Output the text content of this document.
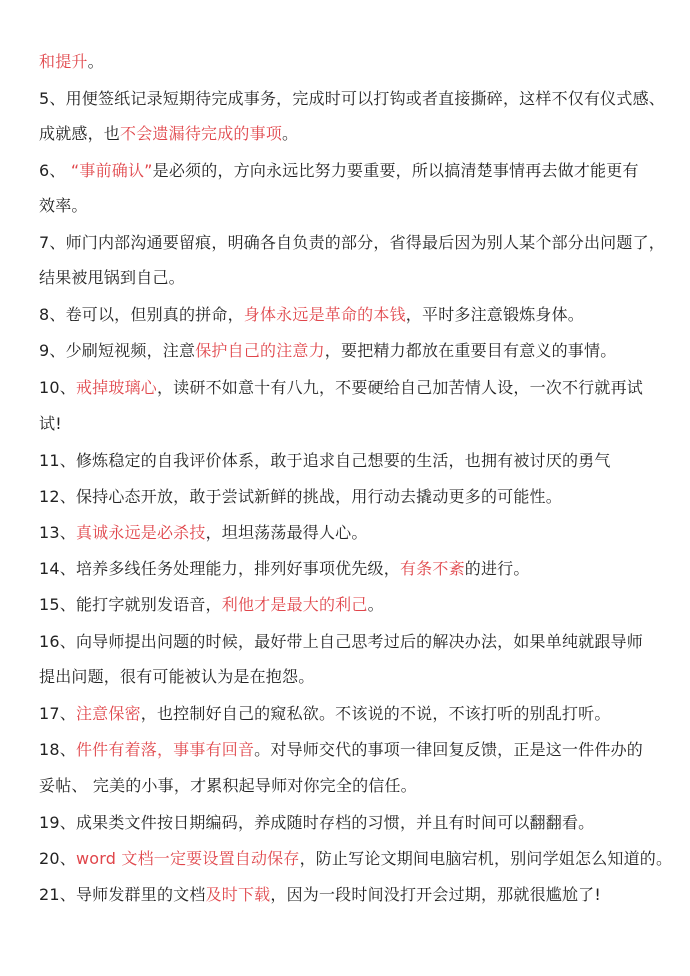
和提升。
5、用便签纸记录短期待完成事务，完成时可以打钩或者直接撕碎，这样不仅有仪式感、
成就感，也不会遗漏待完成的事项。
6、 “事前确认”是必须的，方向永远比努力要重要，所以搞清楚事情再去做才能更有
效率。
7、师门内部沟通要留痕，明确各自负责的部分，省得最后因为别人某个部分出问题了，
结果被甩锅到自己。
8、卷可以，但别真的拼命，身体永远是革命的本钱，平时多注意锻炼身体。
9、少刷短视频，注意保护自己的注意力，要把精力都放在重要目有意义的事情。
10、戒掉玻璃心，读研不如意十有八九，不要硬给自己加苦情人设，一次不行就再试
试!
11、修炼稳定的自我评价体系，敢于追求自己想要的生活，也拥有被讨厌的勇气
12、保持心态开放，敢于尝试新鲜的挑战，用行动去撬动更多的可能性。
13、真诚永远是必杀技，坦坦荡荡最得人心。
14、培养多线任务处理能力，排列好事项优先级，有条不紊的进行。
15、能打字就别发语音，利他才是最大的利己。
16、向导师提出问题的时候，最好带上自己思考过后的解决办法，如果单纯就跟导师
提出问题，很有可能被认为是在抱怨。
17、注意保密，也控制好自己的窥私欲。不该说的不说，不该打听的别乱打听。
18、件件有着落，事事有回音。对导师交代的事项一律回复反馈，正是这一件件办的
妥帖、 完美的小事，才累积起导师对你完全的信任。
19、成果类文件按日期编码，养成随时存档的习惯，并且有时间可以翻翻看。
20、word 文档一定要设置自动保存，防止写论文期间电脑宕机，别问学姐怎么知道的。
21、导师发群里的文档及时下载，因为一段时间没打开会过期，那就很尴尬了!
